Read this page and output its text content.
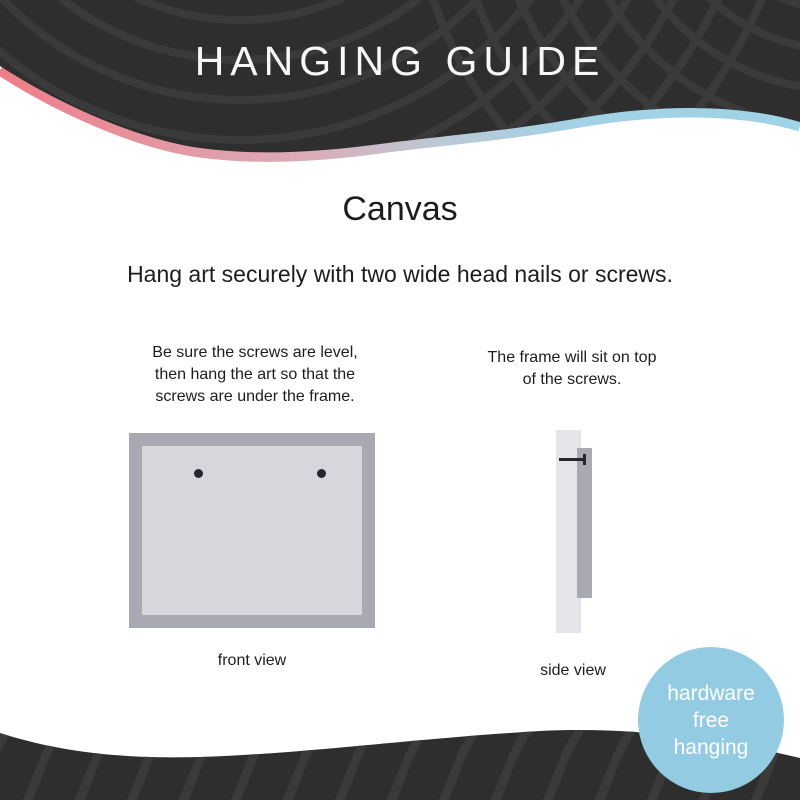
HANGING GUIDE
Canvas
Hang art securely with two wide head nails or screws.
Be sure the screws are level,
then hang the art so that the
screws are under the frame.
The frame will sit on top
of the screws.
front view
side view
hardware
free
hanging
